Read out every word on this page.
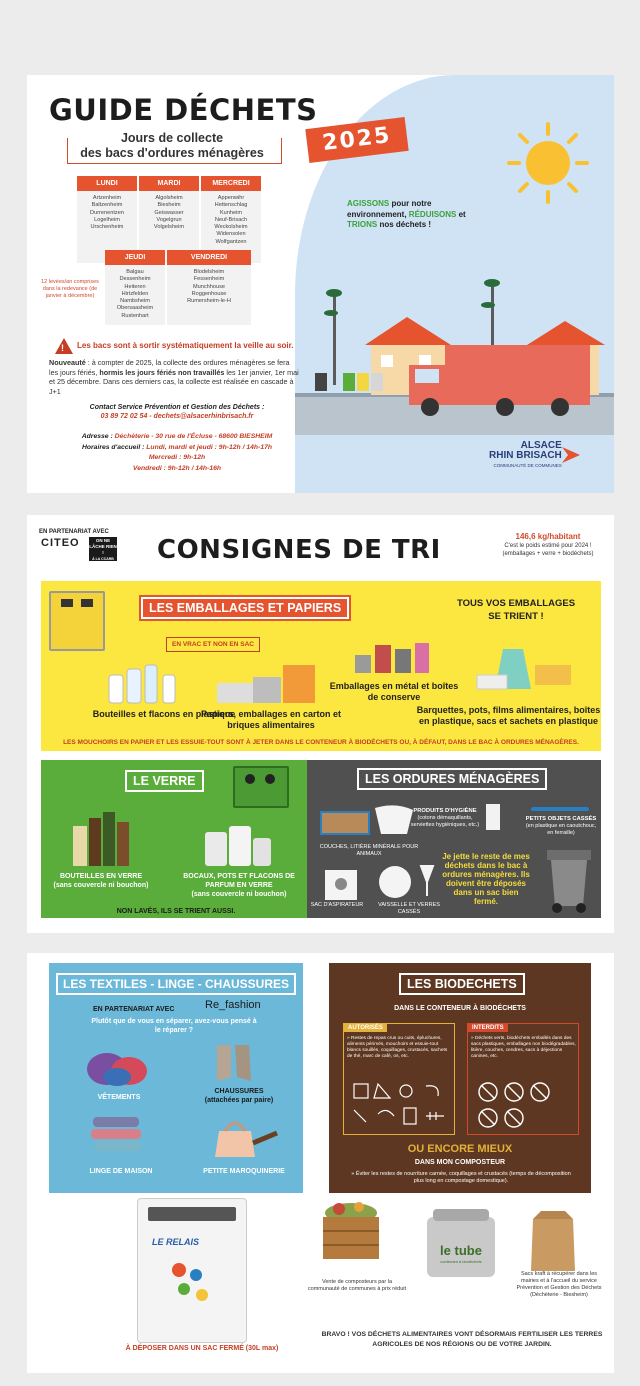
GUIDE DÉCHETS
Jours de collecte
des bacs d'ordures ménagères	2025
LUNDI
Artzenheim
Baltzenheim
Durrenentzen
Logelheim
Urschenheim
MARDI
Algolsheim
Biesheim
Geiswasser
Vogelgrun
Volgelsheim
MERCREDI
Appenwihr
Hettenschlag
Kunheim
Neuf-Brisach
Weckolsheim
Widensolen
Wolfgantzen
JEUDI
Balgau
Dessenheim
Heiteren
Hirtzfelden
Nambsheim
Obersaasheim
Rustenhart
VENDREDI
Blodelsheim
Fessenheim
Munchhouse
Roggenhouse
Rumersheim-le-H
12 levées/an comprises dans la redevance (de janvier à décembre)
! Les bacs sont à sortir systématiquement la veille au soir.
Nouveauté : à compter de 2025, la collecte des ordures ménagères se fera les jours fériés, hormis les jours fériés non travaillés les 1er janvier, 1er mai et 25 décembre. Dans ces derniers cas, la collecte est réalisée en cascade à J+1
Contact Service Prévention et Gestion des Déchets :
03 89 72 02 54 - dechets@alsacerhinbrisach.fr
Adresse : Déchèterie - 30 rue de l'Écluse - 68600 BIESHEIM
Horaires d'accueil : Lundi, mardi et jeudi : 9h-12h / 14h-17h
Mercredi : 9h-12h
Vendredi : 9h-12h / 14h-16h
AGISSONS pour notre environnement, RÉDUISONS et TRIONS nos déchets !
ALSACE
RHIN BRISACH
COMMUNAUTÉ DE COMMUNES
EN PARTENARIAT AVEC
CITEO	ON NE LÂCHE RIEN !
À LA CCARB CONSIGNES DE TRI	146,6 kg/habitant
C'est le poids estimé pour 2024 !
(emballages + verre + biodéchets)
LES EMBALLAGES ET PAPIERS
EN VRAC ET NON EN SAC
TOUS VOS EMBALLAGES SE TRIENT !
Bouteilles et flacons en plastique
Papiers, emballages en carton et briques alimentaires
Emballages en métal et boîtes de conserve
Barquettes, pots, films alimentaires, boîtes en plastique, sacs et sachets en plastique
LES MOUCHOIRS EN PAPIER ET LES ESSUIE-TOUT SONT À JETER DANS LE CONTENEUR À BIODÉCHETS OU, À DÉFAUT, DANS LE BAC À ORDURES MÉNAGÈRES.
LE VERRE
BOUTEILLES EN VERRE
(sans couvercle ni bouchon)
BOCAUX, POTS ET FLACONS DE PARFUM EN VERRE
(sans couvercle ni bouchon)
NON LAVÉS, ILS SE TRIENT AUSSI.
LES ORDURES MÉNAGÈRES
COUCHES, LITIÈRE MINÉRALE POUR ANIMAUX
PRODUITS D'HYGIÈNE
(cotons démaquillants, serviettes hygiéniques, etc.)
PETITS OBJETS CASSÉS
(en plastique en caoutchouc, en ferraille)
SAC D'ASPIRATEUR	VAISSELLE ET VERRES CASSÉS
Je jette le reste de mes déchets dans le bac à ordures ménagères. Ils doivent être déposés dans un sac bien fermé.
LES TEXTILES - LINGE - CHAUSSURES
EN PARTENARIAT AVEC	Re_fashion
Plutôt que de vous en séparer, avez-vous pensé à le réparer ?
VÊTEMENTS
CHAUSSURES
(attachées par paire)
LINGE DE MAISON	PETITE MAROQUINERIE
LE RELAIS
À DÉPOSER DANS UN SAC FERMÉ (30L max)
LES BIODECHETS
DANS LE CONTENEUR À BIODÉCHETS
AUTORISÉS
» Restes de repas crus ou cuits, épluchures, aliments périmés, mouchoirs et essuie-tout blancs souillés, coquillages, crustacés, sachets de thé, marc de café, os, etc.
INTERDITS
» Déchets verts, biodéchets emballés dans des sacs plastiques, emballages non biodégradables, litière, couches, cendres, sacs à déjections canines, etc.
OU ENCORE MIEUX
DANS MON COMPOSTEUR
» Éviter les restes de nourriture carnée, coquillages et crustacés (temps de décomposition plus long en compostage domestique).
Vente de composteurs par la communauté de communes à prix réduit
le tube
contenant à biodéchets
Sacs kraft à récupérer dans les mairies et à l'accueil du service Prévention et Gestion des Déchets (Déchèterie - Biesheim)
BRAVO ! VOS DÉCHETS ALIMENTAIRES VONT DÉSORMAIS FERTILISER LES TERRES AGRICOLES DE NOS RÉGIONS OU DE VOTRE JARDIN.
